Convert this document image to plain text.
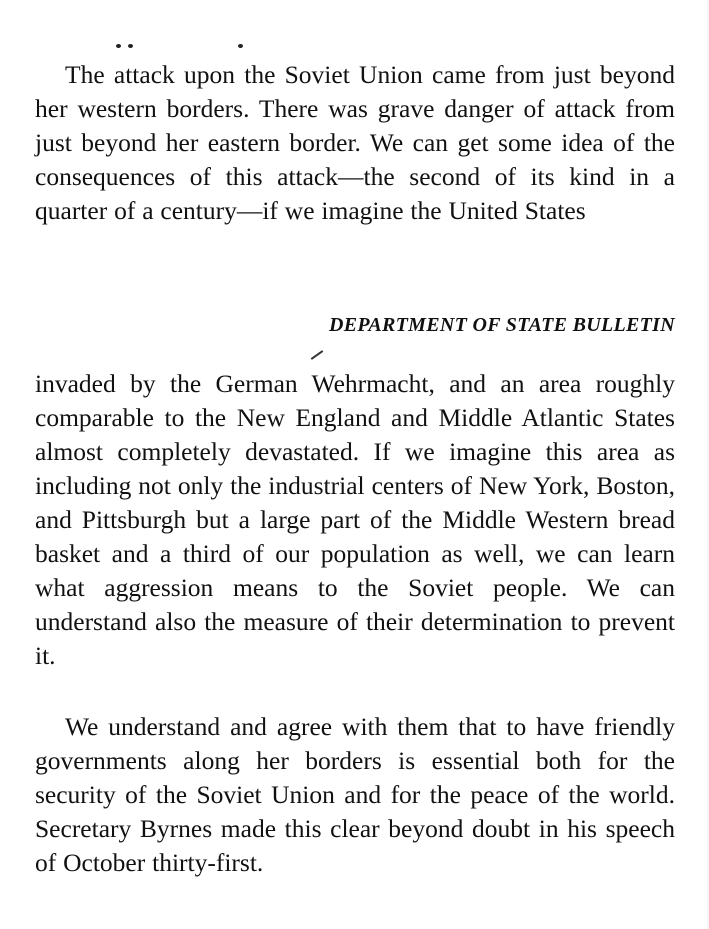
The attack upon the Soviet Union came from just beyond her western borders. There was grave danger of attack from just beyond her eastern border. We can get some idea of the consequences of this attack—the second of its kind in a quarter of a century—if we imagine the United States

DEPARTMENT OF STATE BULLETIN

invaded by the German Wehrmacht, and an area roughly comparable to the New England and Middle Atlantic States almost completely devastated. If we imagine this area as including not only the industrial centers of New York, Boston, and Pittsburgh but a large part of the Middle Western bread basket and a third of our population as well, we can learn what aggression means to the Soviet people. We can understand also the measure of their determination to prevent it.

We understand and agree with them that to have friendly governments along her borders is essential both for the security of the Soviet Union and for the peace of the world. Secretary Byrnes made this clear beyond doubt in his speech of October thirty-first.
